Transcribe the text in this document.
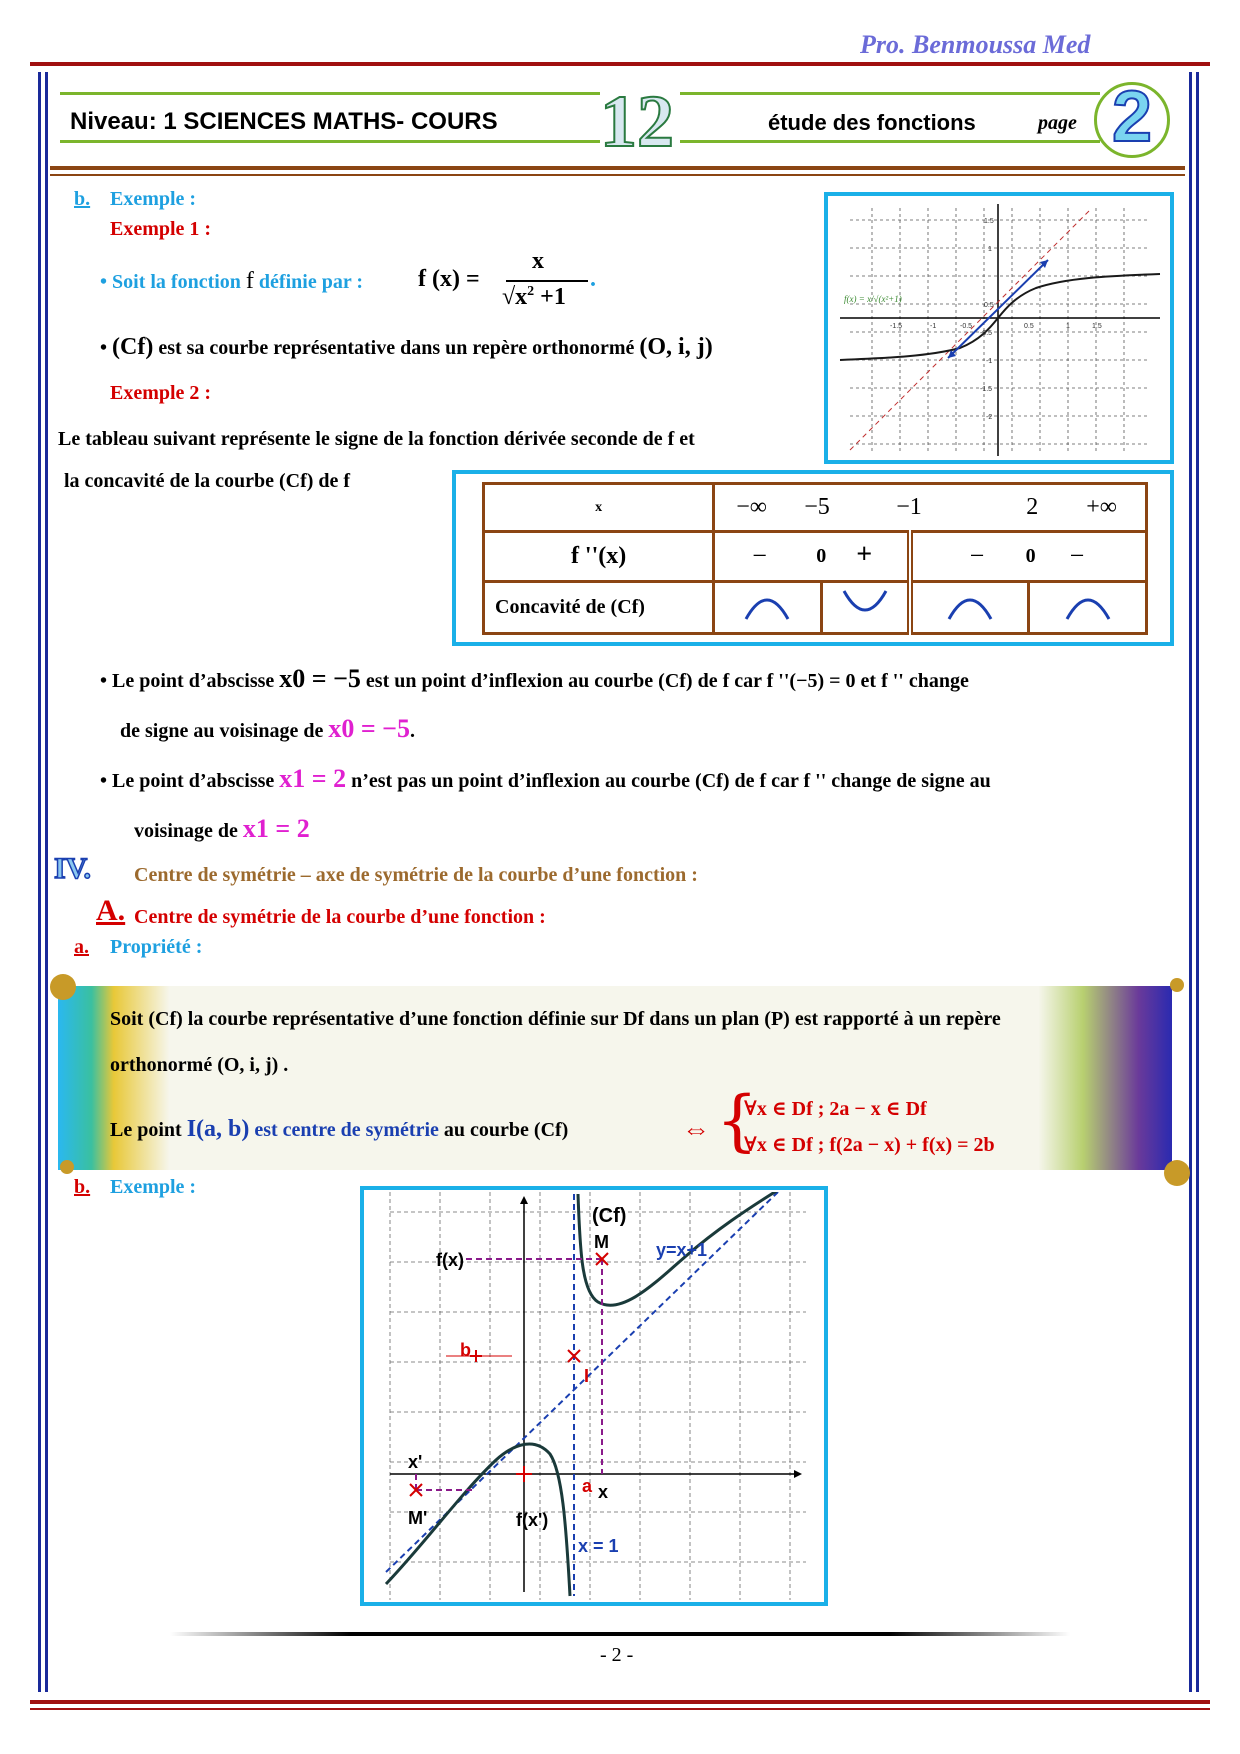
Pro. Benmoussa Med
Niveau: 1 SCIENCES MATHS- COURS 12	étude des fonctions	page 2
b. Exemple :
Exemple 1 :
• Soit la fonction f définie par : f (x) =
x
$√x^2 +1$
.
• (Cf) est sa courbe représentative dans un repère orthonormé (O, i, j)
Exemple 2 :
Le tableau suivant représente le signe de la fonction dérivée seconde de f et
la concavité de la courbe (Cf) de f
f(x) = x/√(x²+1)
1.5
1
0.5
-0.5
-1
-1.5
-2
0.5	1	1.5
-0.5
-1
-1.5
x	−∞ −5 −1 2 +∞			

f ''(x)	− 0 +		− 0 −	

Concavité de (Cf)				
• Le point d’abscisse x0 = −5 est un point d’inflexion au courbe (Cf) de f car f ''(−5) = 0 et f '' change
de signe au voisinage de x0 = −5.
• Le point d’abscisse x1 = 2 n’est pas un point d’inflexion au courbe (Cf) de f car f '' change de signe au
voisinage de x1 = 2
IV. Centre de symétrie – axe de symétrie de la courbe d’une fonction :
A. Centre de symétrie de la courbe d’une fonction :
a. Propriété :
Soit (Cf) la courbe représentative d’une fonction définie sur Df dans un plan (P) est rapporté à un repère
orthonormé (O, i, j) .
Le point I(a, b) est centre de symétrie au courbe (Cf)	⇔ {
∀x ∈ Df ; 2a − x ∈ Df
∀x ∈ Df ; f(2a − x) + f(x) = 2b
b. Exemple :
(Cf)
y=x+1
x = 1
M
f(x)
b
I
a x
x'
M'	f(x')
- 2 -
